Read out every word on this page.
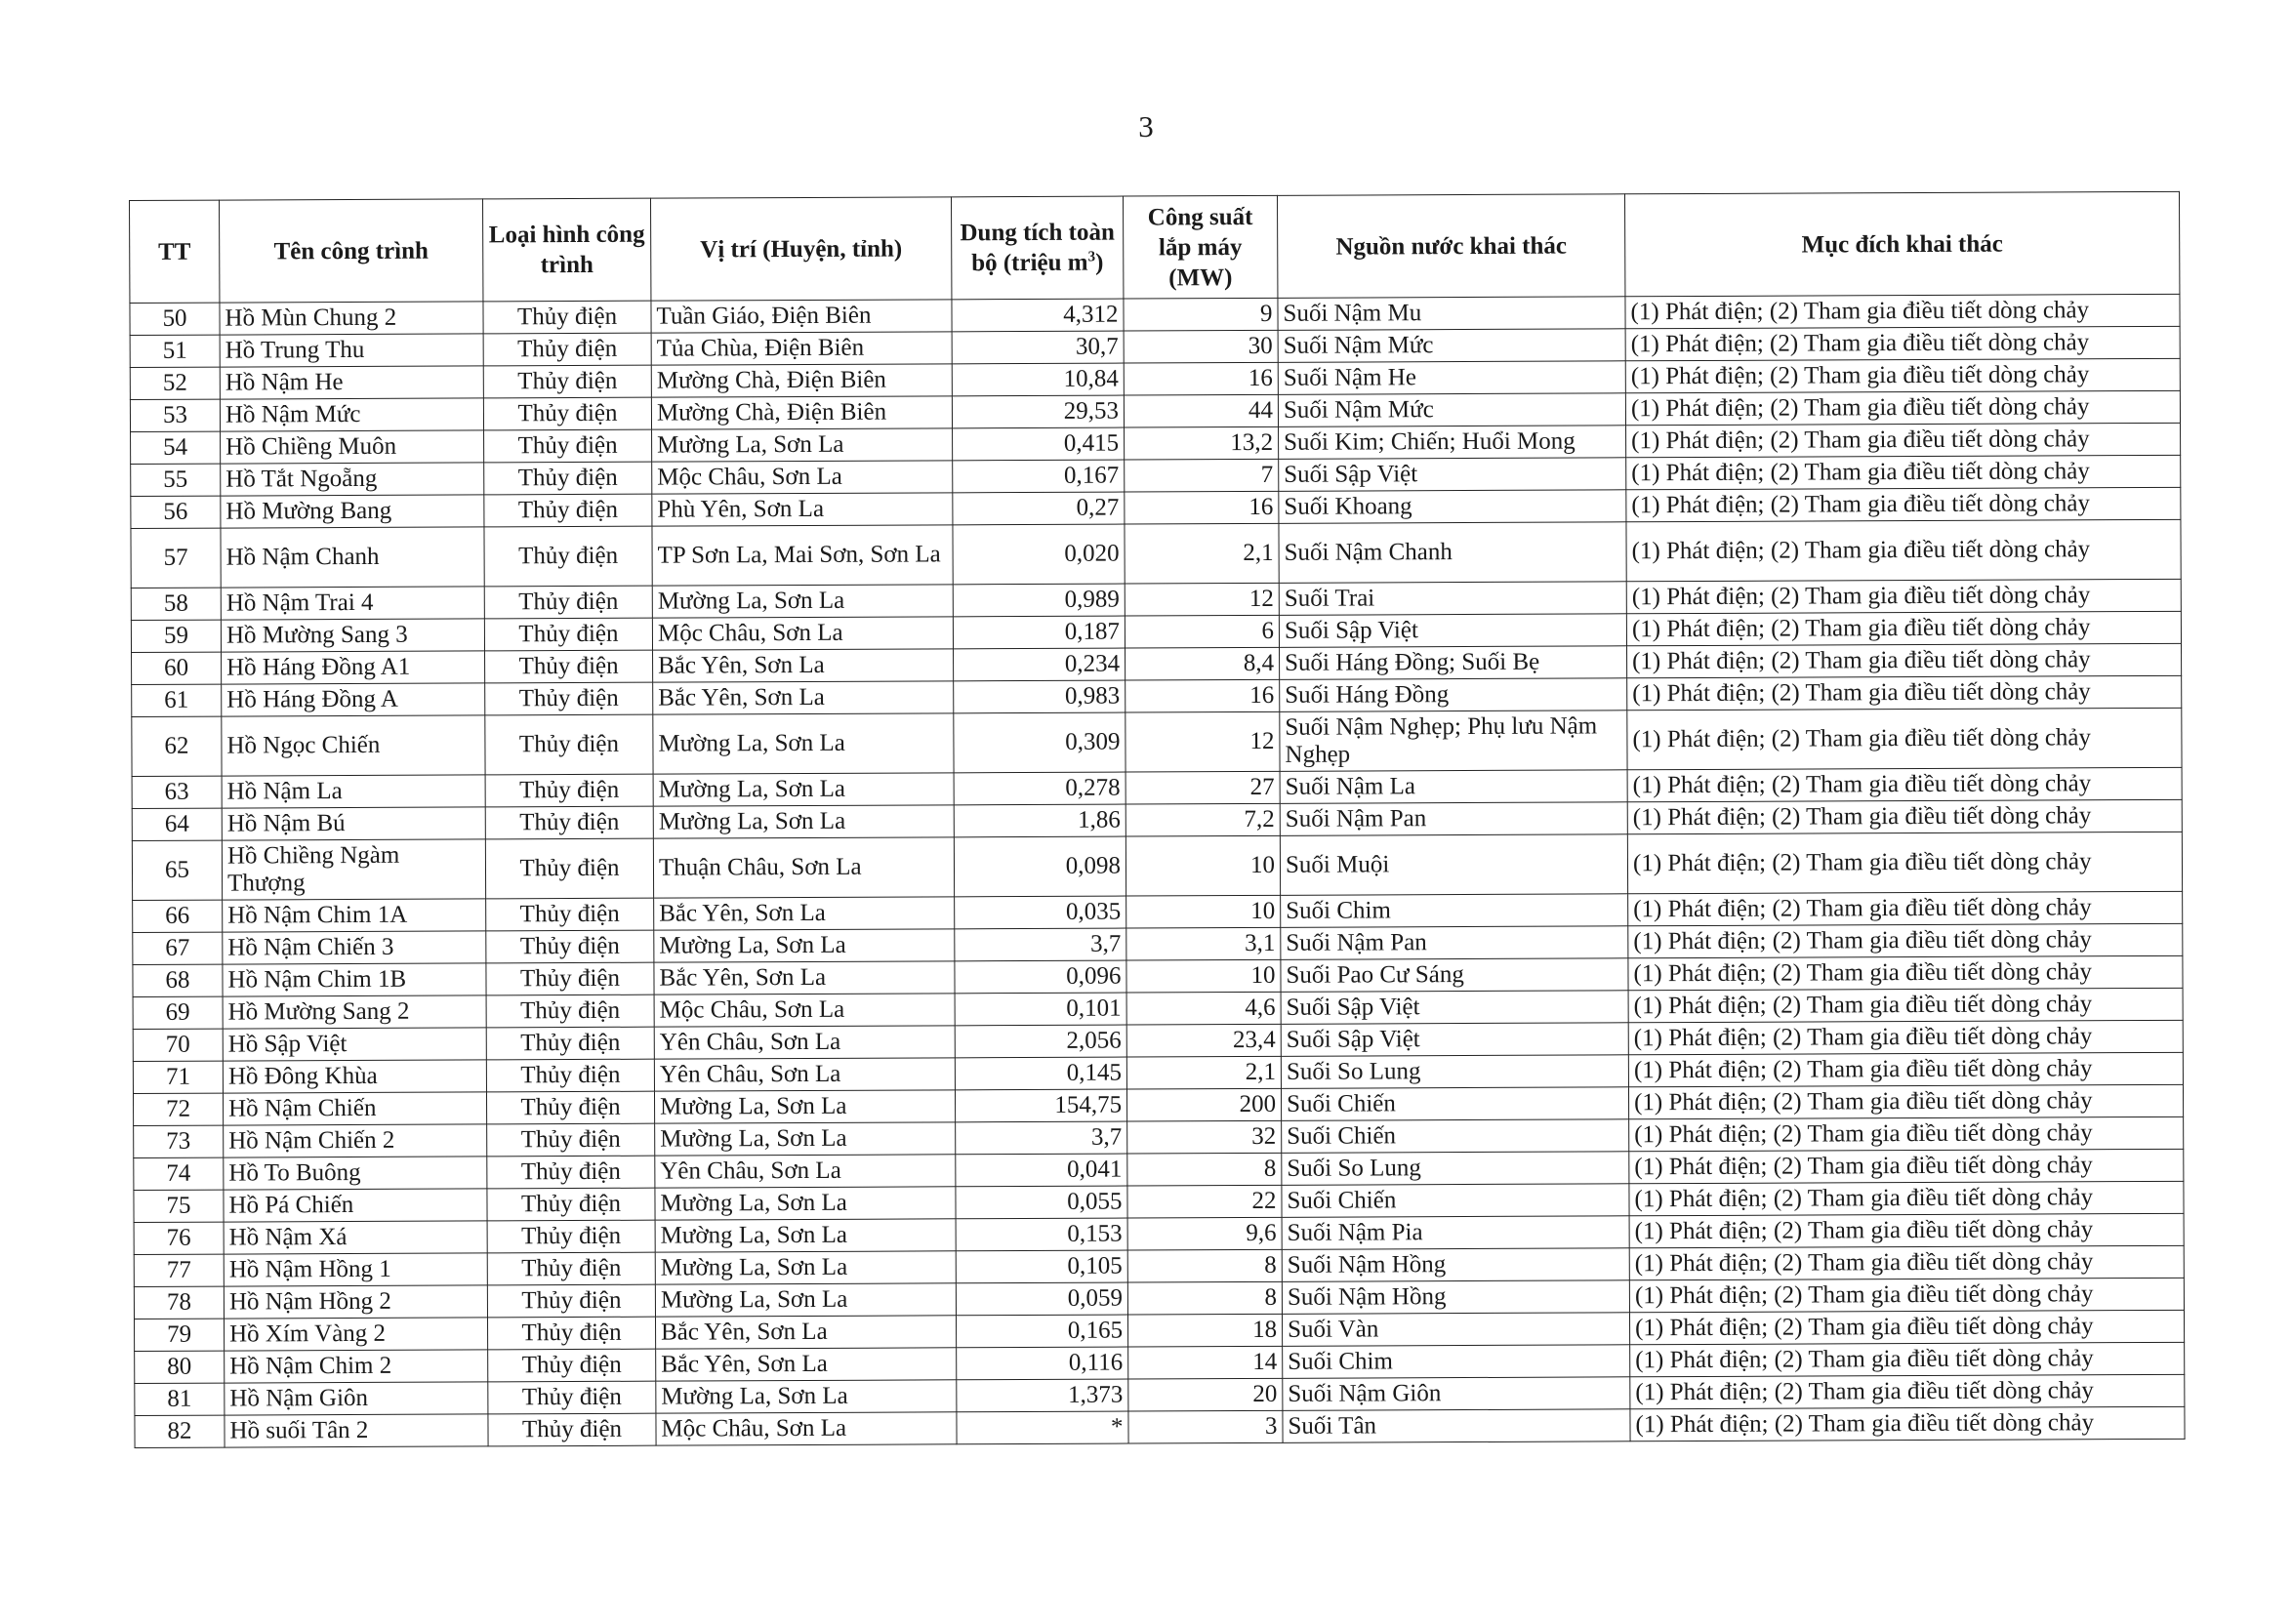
3
TT	Tên công trình	Loại hình công trình	Vị trí (Huyện, tỉnh)	Dung tích toàn bộ (triệu $m^3$)	Công suất lắp máy (MW)	Nguồn nước khai thác	Mục đích khai thác
50	Hồ Mùn Chung 2	Thủy điện	Tuần Giáo, Điện Biên	4,312	9	Suối Nậm Mu	(1) Phát điện; (2) Tham gia điều tiết dòng chảy
51	Hồ Trung Thu	Thủy điện	Tủa Chùa, Điện Biên	30,7	30	Suối Nậm Mức	(1) Phát điện; (2) Tham gia điều tiết dòng chảy
52	Hồ Nậm He	Thủy điện	Mường Chà, Điện Biên	10,84	16	Suối Nậm He	(1) Phát điện; (2) Tham gia điều tiết dòng chảy
53	Hồ Nậm Mức	Thủy điện	Mường Chà, Điện Biên	29,53	44	Suối Nậm Mức	(1) Phát điện; (2) Tham gia điều tiết dòng chảy
54	Hồ Chiềng Muôn	Thủy điện	Mường La, Sơn La	0,415	13,2	Suối Kim; Chiến; Huổi Mong	(1) Phát điện; (2) Tham gia điều tiết dòng chảy
55	Hồ Tắt Ngoẵng	Thủy điện	Mộc Châu, Sơn La	0,167	7	Suối Sập Việt	(1) Phát điện; (2) Tham gia điều tiết dòng chảy
56	Hồ Mường Bang	Thủy điện	Phù Yên, Sơn La	0,27	16	Suối Khoang	(1) Phát điện; (2) Tham gia điều tiết dòng chảy
57	Hồ Nậm Chanh	Thủy điện	TP Sơn La, Mai Sơn, Sơn La	0,020	2,1	Suối Nậm Chanh	(1) Phát điện; (2) Tham gia điều tiết dòng chảy
58	Hồ Nậm Trai 4	Thủy điện	Mường La, Sơn La	0,989	12	Suối Trai	(1) Phát điện; (2) Tham gia điều tiết dòng chảy
59	Hồ Mường Sang 3	Thủy điện	Mộc Châu, Sơn La	0,187	6	Suối Sập Việt	(1) Phát điện; (2) Tham gia điều tiết dòng chảy
60	Hồ Háng Đồng A1	Thủy điện	Bắc Yên, Sơn La	0,234	8,4	Suối Háng Đồng; Suối Bẹ	(1) Phát điện; (2) Tham gia điều tiết dòng chảy
61	Hồ Háng Đồng A	Thủy điện	Bắc Yên, Sơn La	0,983	16	Suối Háng Đồng	(1) Phát điện; (2) Tham gia điều tiết dòng chảy
62	Hồ Ngọc Chiến	Thủy điện	Mường La, Sơn La	0,309	12	Suối Nậm Nghẹp; Phụ lưu Nậm Nghẹp	(1) Phát điện; (2) Tham gia điều tiết dòng chảy
63	Hồ Nậm La	Thủy điện	Mường La, Sơn La	0,278	27	Suối Nậm La	(1) Phát điện; (2) Tham gia điều tiết dòng chảy
64	Hồ Nậm Bú	Thủy điện	Mường La, Sơn La	1,86	7,2	Suối Nậm Pan	(1) Phát điện; (2) Tham gia điều tiết dòng chảy
65	Hồ Chiềng Ngàm Thượng	Thủy điện	Thuận Châu, Sơn La	0,098	10	Suối Muội	(1) Phát điện; (2) Tham gia điều tiết dòng chảy
66	Hồ Nậm Chim 1A	Thủy điện	Bắc Yên, Sơn La	0,035	10	Suối Chim	(1) Phát điện; (2) Tham gia điều tiết dòng chảy
67	Hồ Nậm Chiến 3	Thủy điện	Mường La, Sơn La	3,7	3,1	Suối Nậm Pan	(1) Phát điện; (2) Tham gia điều tiết dòng chảy
68	Hồ Nậm Chim 1B	Thủy điện	Bắc Yên, Sơn La	0,096	10	Suối Pao Cư Sáng	(1) Phát điện; (2) Tham gia điều tiết dòng chảy
69	Hồ Mường Sang 2	Thủy điện	Mộc Châu, Sơn La	0,101	4,6	Suối Sập Việt	(1) Phát điện; (2) Tham gia điều tiết dòng chảy
70	Hồ Sập Việt	Thủy điện	Yên Châu, Sơn La	2,056	23,4	Suối Sập Việt	(1) Phát điện; (2) Tham gia điều tiết dòng chảy
71	Hồ Đông Khùa	Thủy điện	Yên Châu, Sơn La	0,145	2,1	Suối So Lung	(1) Phát điện; (2) Tham gia điều tiết dòng chảy
72	Hồ Nậm Chiến	Thủy điện	Mường La, Sơn La	154,75	200	Suối Chiến	(1) Phát điện; (2) Tham gia điều tiết dòng chảy
73	Hồ Nậm Chiến 2	Thủy điện	Mường La, Sơn La	3,7	32	Suối Chiến	(1) Phát điện; (2) Tham gia điều tiết dòng chảy
74	Hồ To Buông	Thủy điện	Yên Châu, Sơn La	0,041	8	Suối So Lung	(1) Phát điện; (2) Tham gia điều tiết dòng chảy
75	Hồ Pá Chiến	Thủy điện	Mường La, Sơn La	0,055	22	Suối Chiến	(1) Phát điện; (2) Tham gia điều tiết dòng chảy
76	Hồ Nậm Xá	Thủy điện	Mường La, Sơn La	0,153	9,6	Suối Nậm Pia	(1) Phát điện; (2) Tham gia điều tiết dòng chảy
77	Hồ Nậm Hồng 1	Thủy điện	Mường La, Sơn La	0,105	8	Suối Nậm Hồng	(1) Phát điện; (2) Tham gia điều tiết dòng chảy
78	Hồ Nậm Hồng 2	Thủy điện	Mường La, Sơn La	0,059	8	Suối Nậm Hồng	(1) Phát điện; (2) Tham gia điều tiết dòng chảy
79	Hồ Xím Vàng 2	Thủy điện	Bắc Yên, Sơn La	0,165	18	Suối Vàn	(1) Phát điện; (2) Tham gia điều tiết dòng chảy
80	Hồ Nậm Chim 2	Thủy điện	Bắc Yên, Sơn La	0,116	14	Suối Chim	(1) Phát điện; (2) Tham gia điều tiết dòng chảy
81	Hồ Nậm Giôn	Thủy điện	Mường La, Sơn La	1,373	20	Suối Nậm Giôn	(1) Phát điện; (2) Tham gia điều tiết dòng chảy
82	Hồ suối Tân 2	Thủy điện	Mộc Châu, Sơn La	*	3	Suối Tân	(1) Phát điện; (2) Tham gia điều tiết dòng chảy
